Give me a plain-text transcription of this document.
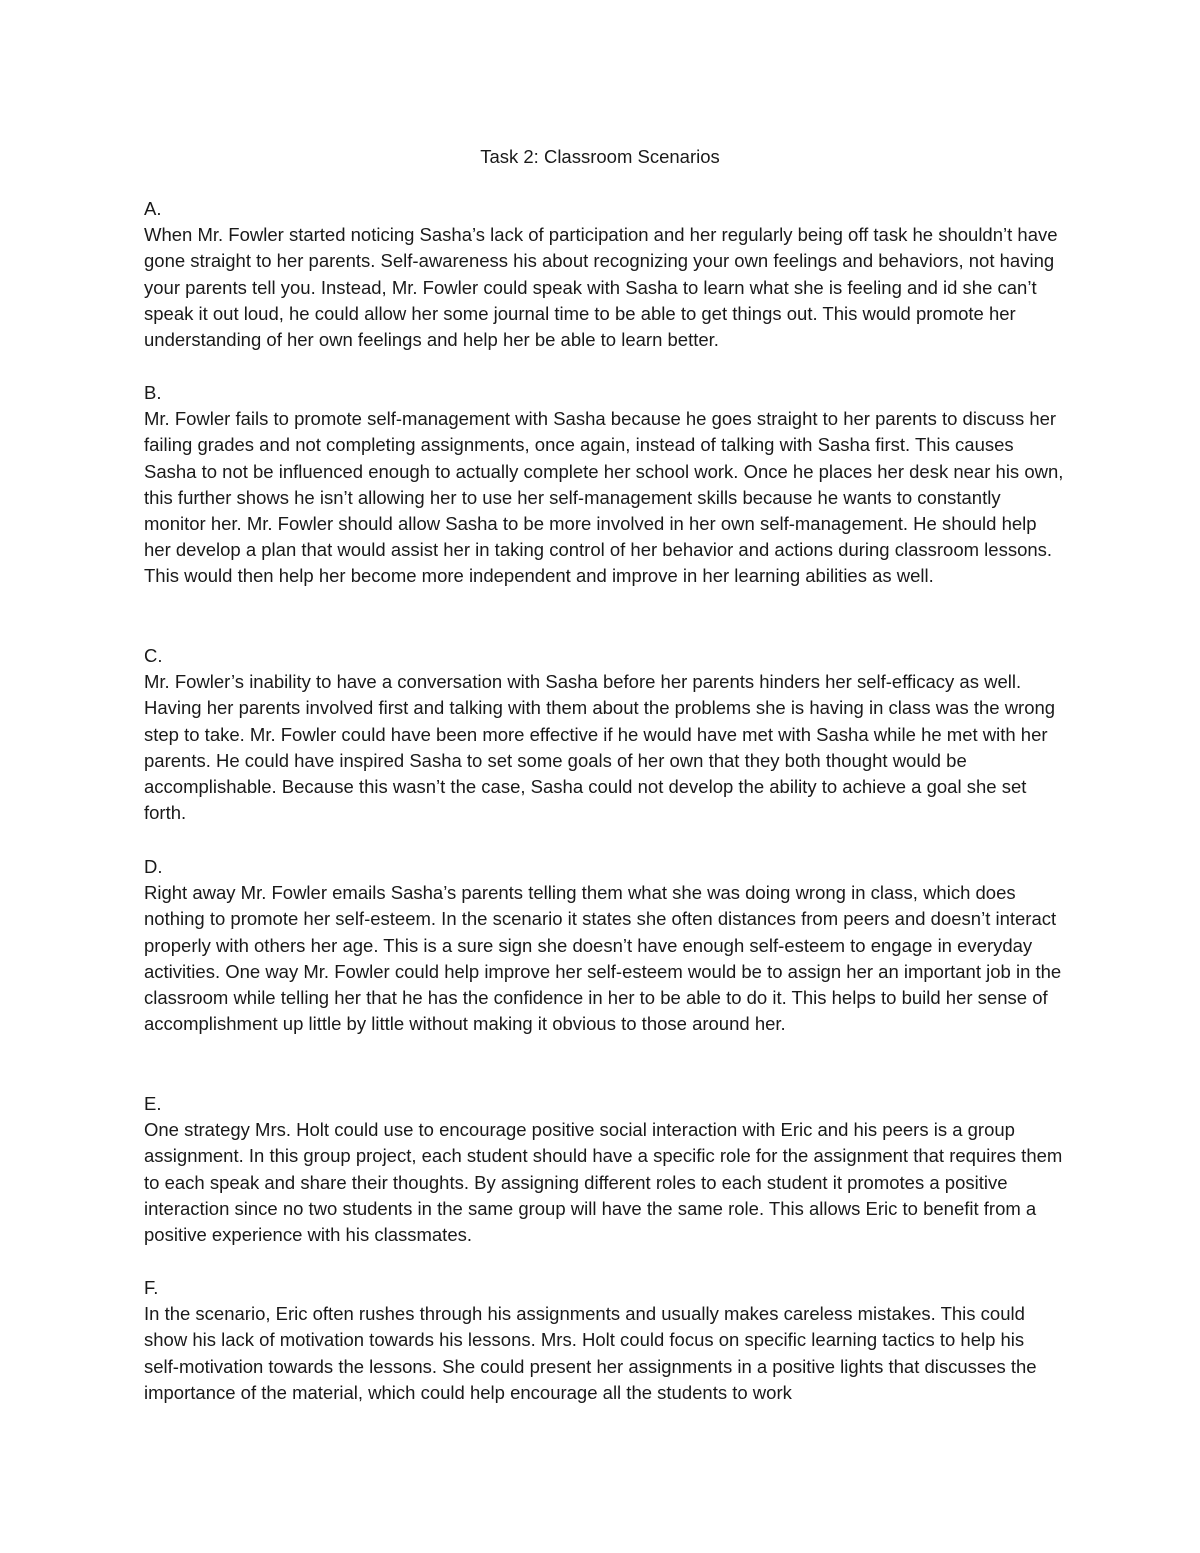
Task 2: Classroom Scenarios

A.

When Mr. Fowler started noticing Sasha’s lack of participation and her regularly being off task he shouldn’t have gone straight to her parents. Self-awareness his about recognizing your own feelings and behaviors, not having your parents tell you. Instead, Mr. Fowler could speak with Sasha to learn what she is feeling and id she can’t speak it out loud, he could allow her some journal time to be able to get things out. This would promote her understanding of her own feelings and help her be able to learn better.

B.

Mr. Fowler fails to promote self-management with Sasha because he goes straight to her parents to discuss her failing grades and not completing assignments, once again, instead of talking with Sasha first. This causes Sasha to not be influenced enough to actually complete her school work. Once he places her desk near his own, this further shows he isn’t allowing her to use her self-management skills because he wants to constantly monitor her. Mr. Fowler should allow Sasha to be more involved in her own self-management. He should help her develop a plan that would assist her in taking control of her behavior and actions during classroom lessons. This would then help her become more independent and improve in her learning abilities as well.

C.

Mr. Fowler’s inability to have a conversation with Sasha before her parents hinders her self-efficacy as well. Having her parents involved first and talking with them about the problems she is having in class was the wrong step to take. Mr. Fowler could have been more effective if he would have met with Sasha while he met with her parents. He could have inspired Sasha to set some goals of her own that they both thought would be accomplishable. Because this wasn’t the case, Sasha could not develop the ability to achieve a goal she set forth.

D.

Right away Mr. Fowler emails Sasha’s parents telling them what she was doing wrong in class, which does nothing to promote her self-esteem. In the scenario it states she often distances from peers and doesn’t interact properly with others her age. This is a sure sign she doesn’t have enough self-esteem to engage in everyday activities. One way Mr. Fowler could help improve her self-esteem would be to assign her an important job in the classroom while telling her that he has the confidence in her to be able to do it. This helps to build her sense of accomplishment up little by little without making it obvious to those around her.

E.

One strategy Mrs. Holt could use to encourage positive social interaction with Eric and his peers is a group assignment. In this group project, each student should have a specific role for the assignment that requires them to each speak and share their thoughts. By assigning different roles to each student it promotes a positive interaction since no two students in the same group will have the same role. This allows Eric to benefit from a positive experience with his classmates.

F.

In the scenario, Eric often rushes through his assignments and usually makes careless mistakes. This could show his lack of motivation towards his lessons. Mrs. Holt could focus on specific learning tactics to help his self-motivation towards the lessons. She could present her assignments in a positive lights that discusses the importance of the material, which could help encourage all the students to work
